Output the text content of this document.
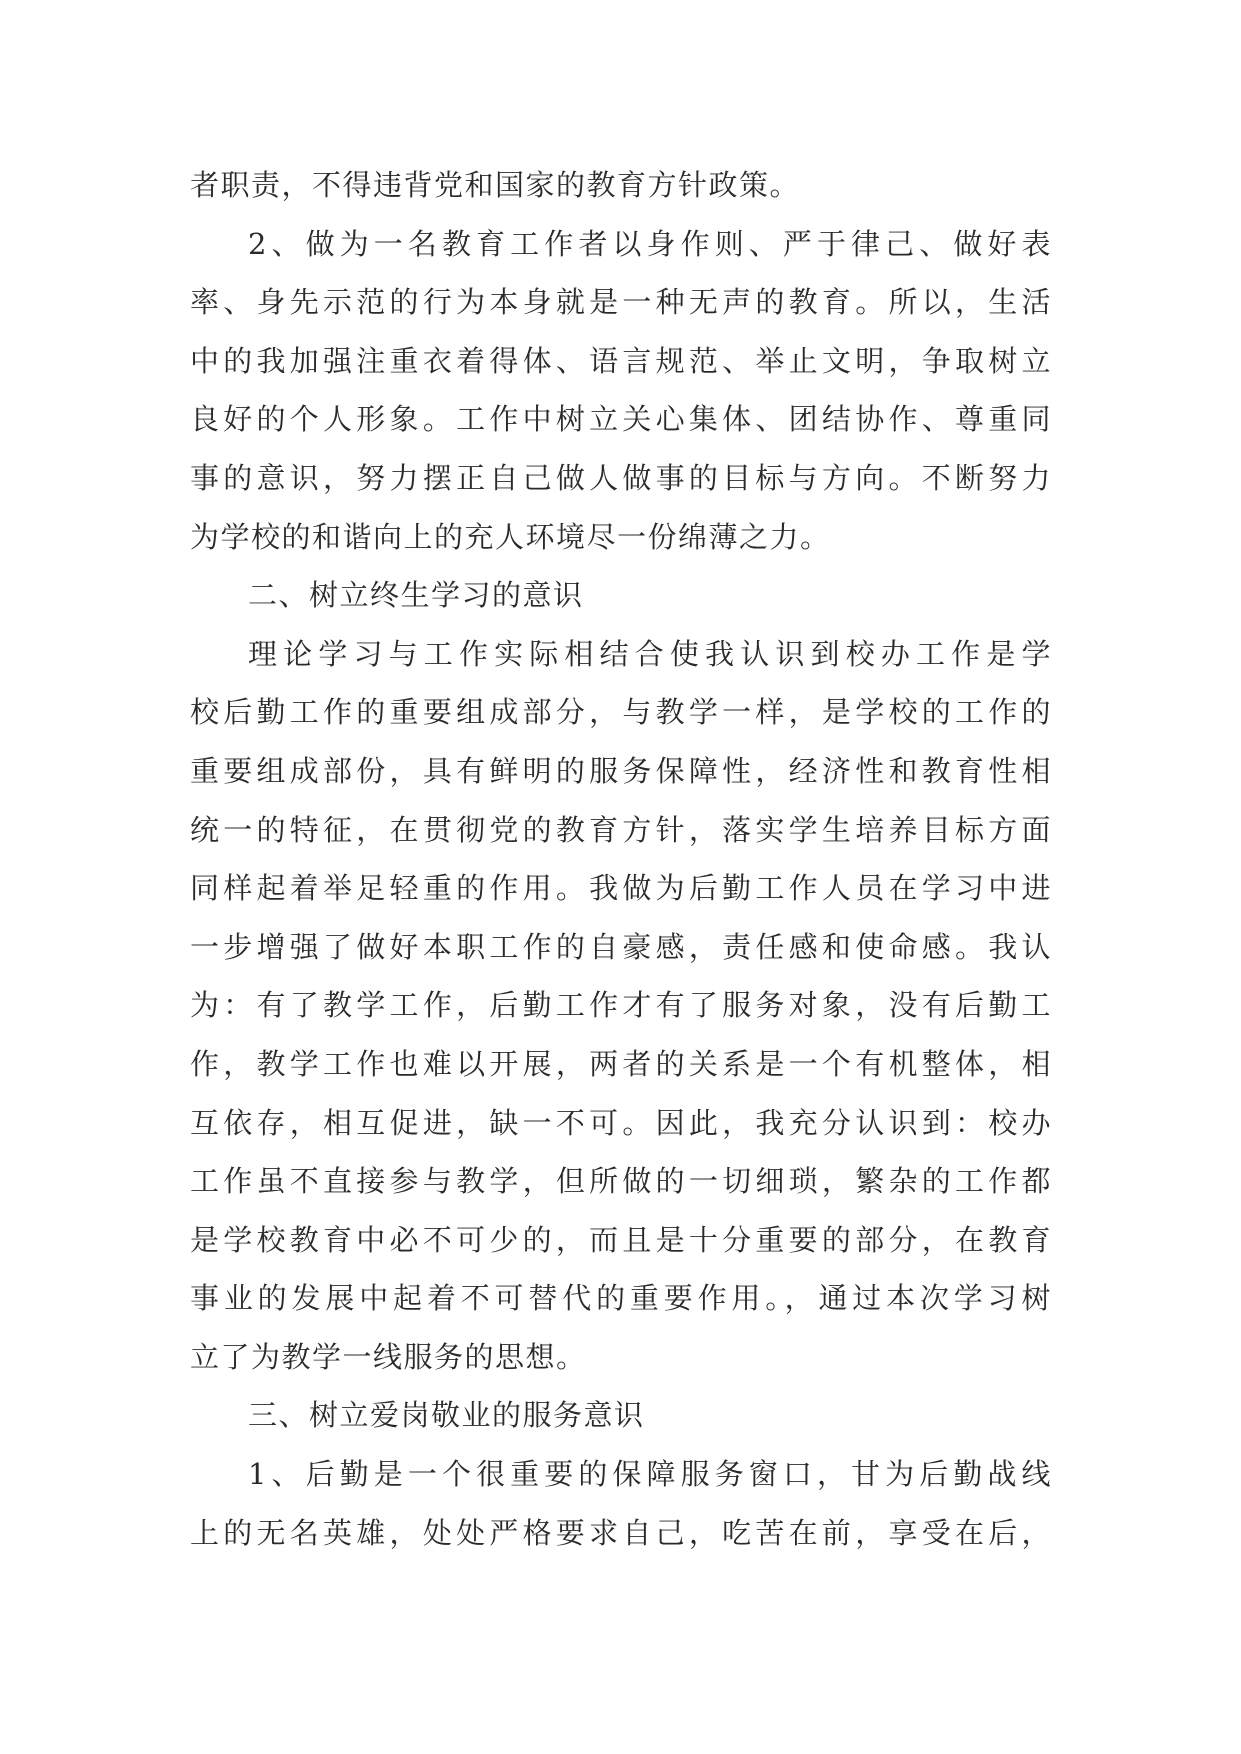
者职责，不得违背党和国家的教育方针政策。
2、做为一名教育工作者以身作则、严于律己、做好表
率、身先示范的行为本身就是一种无声的教育。所以，生活
中的我加强注重衣着得体、语言规范、举止文明，争取树立
良好的个人形象。工作中树立关心集体、团结协作、尊重同
事的意识，努力摆正自己做人做事的目标与方向。不断努力
为学校的和谐向上的充人环境尽一份绵薄之力。
二、树立终生学习的意识
理论学习与工作实际相结合使我认识到校办工作是学
校后勤工作的重要组成部分，与教学一样，是学校的工作的
重要组成部份，具有鲜明的服务保障性，经济性和教育性相
统一的特征，在贯彻党的教育方针，落实学生培养目标方面
同样起着举足轻重的作用。我做为后勤工作人员在学习中进
一步增强了做好本职工作的自豪感，责任感和使命感。我认
为：有了教学工作，后勤工作才有了服务对象，没有后勤工
作，教学工作也难以开展，两者的关系是一个有机整体，相
互依存，相互促进，缺一不可。因此，我充分认识到：校办
工作虽不直接参与教学，但所做的一切细琐，繁杂的工作都
是学校教育中必不可少的，而且是十分重要的部分，在教育
事业的发展中起着不可替代的重要作用。，通过本次学习树
立了为教学一线服务的思想。
三、树立爱岗敬业的服务意识
1、后勤是一个很重要的保障服务窗口，甘为后勤战线
上的无名英雄，处处严格要求自己，吃苦在前，享受在后，
